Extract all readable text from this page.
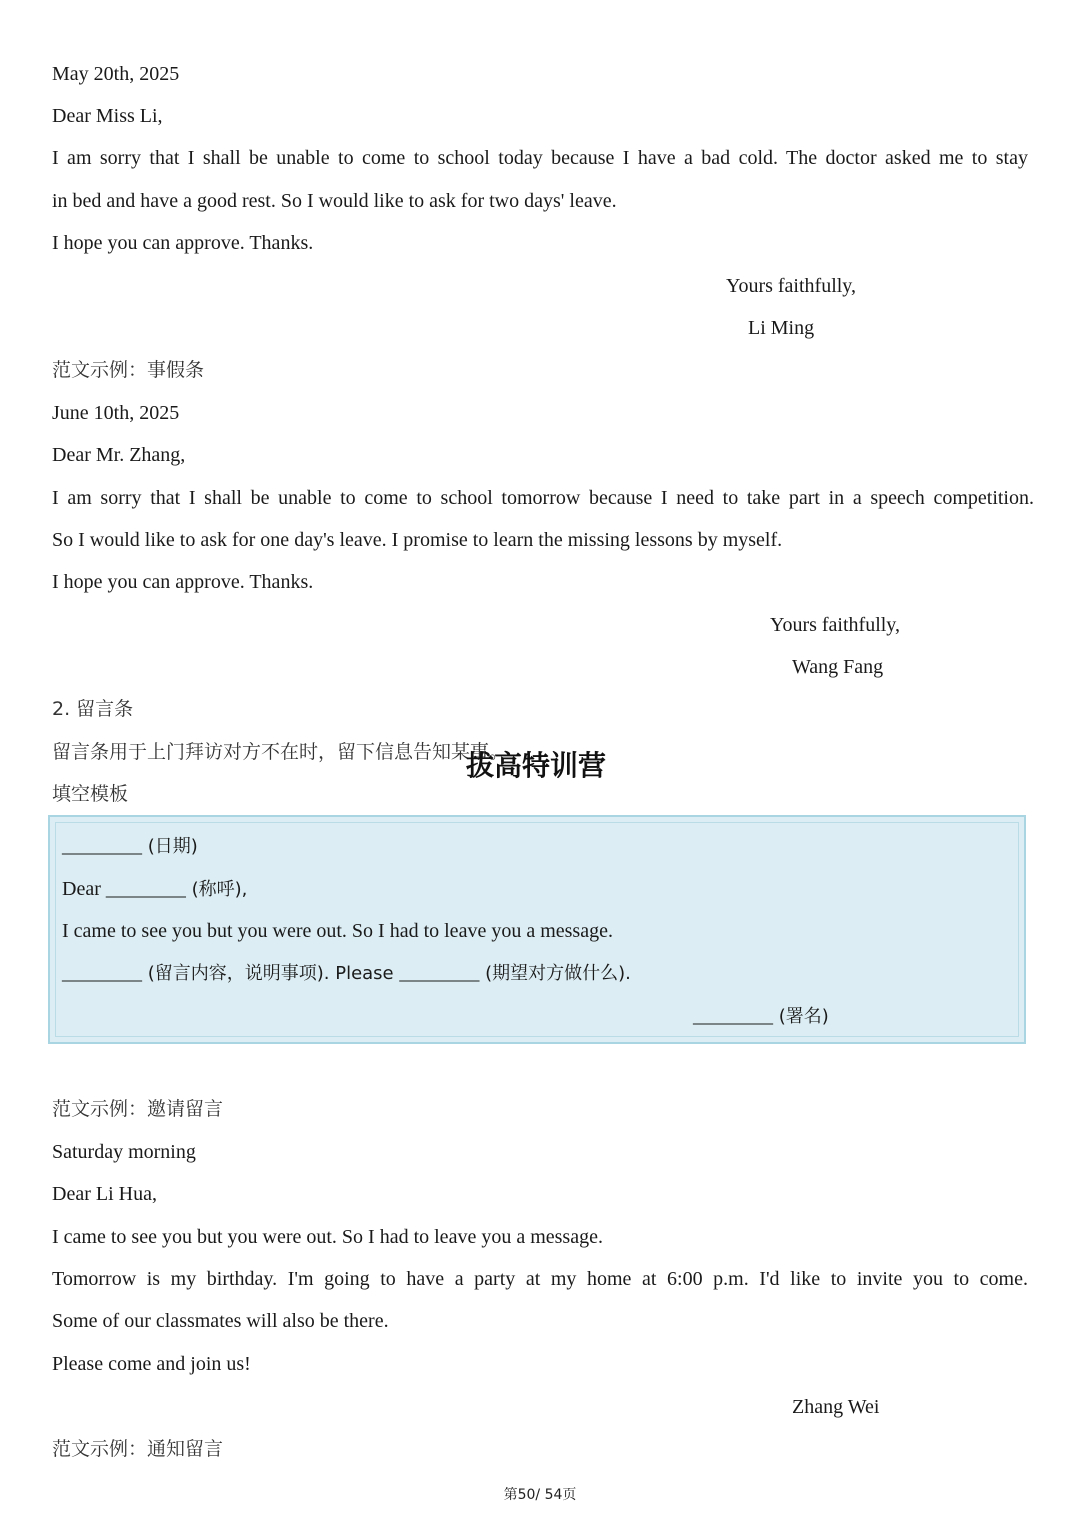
May 20th, 2025
Dear Miss Li,
I am sorry that I shall be unable to come to school today because I have a bad cold. The doctor asked me to stay
in bed and have a good rest. So I would like to ask for two days' leave.
I hope you can approve. Thanks.
Yours faithfully,
Li Ming
范文示例：事假条
June 10th, 2025
Dear Mr. Zhang,
I am sorry that I shall be unable to come to school tomorrow because I need to take part in a speech competition.
So I would like to ask for one day's leave. I promise to learn the missing lessons by myself.
I hope you can approve. Thanks.
Yours faithfully,
Wang Fang
2. 留言条
留言条用于上门拜访对方不在时，留下信息告知某事。
填空模板
拔高特训营
________ (日期)
Dear ________ (称呼),
I came to see you but you were out. So I had to leave you a message.
________ (留言内容，说明事项). Please ________ (期望对方做什么).
________ (署名)
范文示例：邀请留言
Saturday morning
Dear Li Hua,
I came to see you but you were out. So I had to leave you a message.
Tomorrow is my birthday. I'm going to have a party at my home at 6:00 p.m. I'd like to invite you to come.
Some of our classmates will also be there.
Please come and join us!
Zhang Wei
范文示例：通知留言
第50/ 54页
